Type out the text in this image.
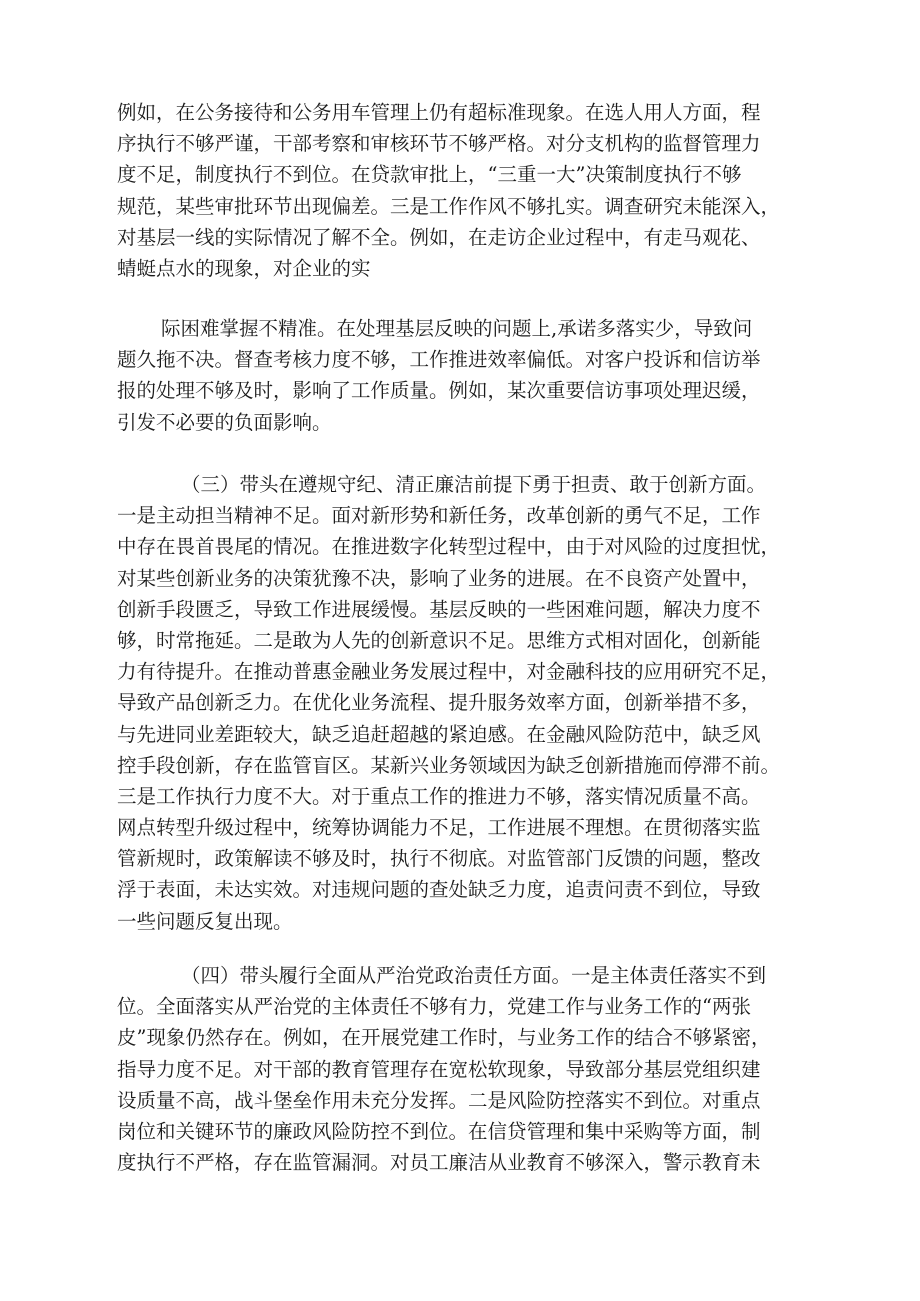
例如，在公务接待和公务用车管理上仍有超标准现象。在选人用人方面，程
序执行不够严谨，干部考察和审核环节不够严格。对分支机构的监督管理力
度不足，制度执行不到位。在贷款审批上，“三重一大”决策制度执行不够
规范，某些审批环节出现偏差。三是工作作风不够扎实。调查研究未能深入，
对基层一线的实际情况了解不全。例如，在走访企业过程中，有走马观花、
蜻蜓点水的现象，对企业的实
际困难掌握不精准。在处理基层反映的问题上,承诺多落实少，导致问
题久拖不决。督查考核力度不够，工作推进效率偏低。对客户投诉和信访举
报的处理不够及时，影响了工作质量。例如，某次重要信访事项处理迟缓，
引发不必要的负面影响。
（三）带头在遵规守纪、清正廉洁前提下勇于担责、敢于创新方面。
一是主动担当精神不足。面对新形势和新任务，改革创新的勇气不足，工作
中存在畏首畏尾的情况。在推进数字化转型过程中，由于对风险的过度担忧，
对某些创新业务的决策犹豫不决，影响了业务的进展。在不良资产处置中，
创新手段匮乏，导致工作进展缓慢。基层反映的一些困难问题，解决力度不
够，时常拖延。二是敢为人先的创新意识不足。思维方式相对固化，创新能
力有待提升。在推动普惠金融业务发展过程中，对金融科技的应用研究不足，
导致产品创新乏力。在优化业务流程、提升服务效率方面，创新举措不多，
与先进同业差距较大，缺乏追赶超越的紧迫感。在金融风险防范中，缺乏风
控手段创新，存在监管盲区。某新兴业务领域因为缺乏创新措施而停滞不前。
三是工作执行力度不大。对于重点工作的推进力不够，落实情况质量不高。
网点转型升级过程中，统筹协调能力不足，工作进展不理想。在贯彻落实监
管新规时，政策解读不够及时，执行不彻底。对监管部门反馈的问题，整改
浮于表面，未达实效。对违规问题的查处缺乏力度，追责问责不到位，导致
一些问题反复出现。
（四）带头履行全面从严治党政治责任方面。一是主体责任落实不到
位。全面落实从严治党的主体责任不够有力，党建工作与业务工作的“两张
皮”现象仍然存在。例如，在开展党建工作时，与业务工作的结合不够紧密，
指导力度不足。对干部的教育管理存在宽松软现象，导致部分基层党组织建
设质量不高，战斗堡垒作用未充分发挥。二是风险防控落实不到位。对重点
岗位和关键环节的廉政风险防控不到位。在信贷管理和集中采购等方面，制
度执行不严格，存在监管漏洞。对员工廉洁从业教育不够深入，警示教育未
